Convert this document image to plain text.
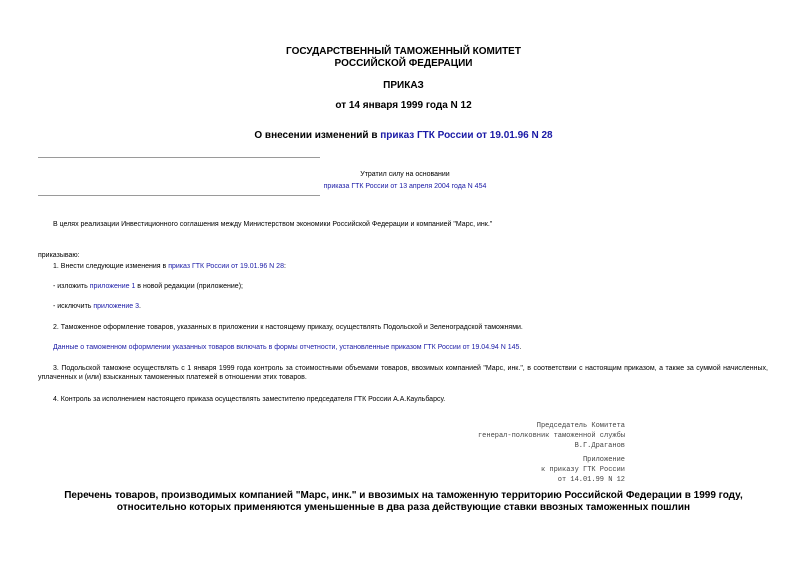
ГОСУДАРСТВЕННЫЙ ТАМОЖЕННЫЙ КОМИТЕТ
РОССИЙСКОЙ ФЕДЕРАЦИИ
ПРИКАЗ
от 14 января 1999 года N 12
О внесении изменений в приказ ГТК России от 19.01.96 N 28
Утратил силу на основании
приказа ГТК России от 13 апреля 2004 года N 454
В целях реализации Инвестиционного соглашения между Министерством экономики Российской Федерации и компанией "Марс, инк."
приказываю:
1. Внести следующие изменения в приказ ГТК России от 19.01.96 N 28:
- изложить приложение 1 в новой редакции (приложение);
- исключить приложение 3.
2. Таможенное оформление товаров, указанных в приложении к настоящему приказу, осуществлять Подольской и Зеленоградской таможнями.
Данные о таможенном оформлении указанных товаров включать в формы отчетности, установленные приказом ГТК России от 19.04.94 N 145.
3. Подольской таможне осуществлять с 1 января 1999 года контроль за стоимостными объемами товаров, ввозимых компанией "Марс, инк.", в соответствии с настоящим приказом, а также за суммой начисленных, уплаченных и (или) взысканных таможенных платежей в отношении этих товаров.
4. Контроль за исполнением настоящего приказа осуществлять заместителю председателя ГТК России А.А.Каульбарсу.
Председатель Комитета
генерал-полковник таможенной службы
В.Г.Драганов
Приложение
к приказу ГТК России
от 14.01.99 N 12
Перечень товаров, производимых компанией "Марс, инк." и ввозимых на таможенную территорию Российской Федерации в 1999 году, относительно которых применяются уменьшенные в два раза действующие ставки ввозных таможенных пошлин
